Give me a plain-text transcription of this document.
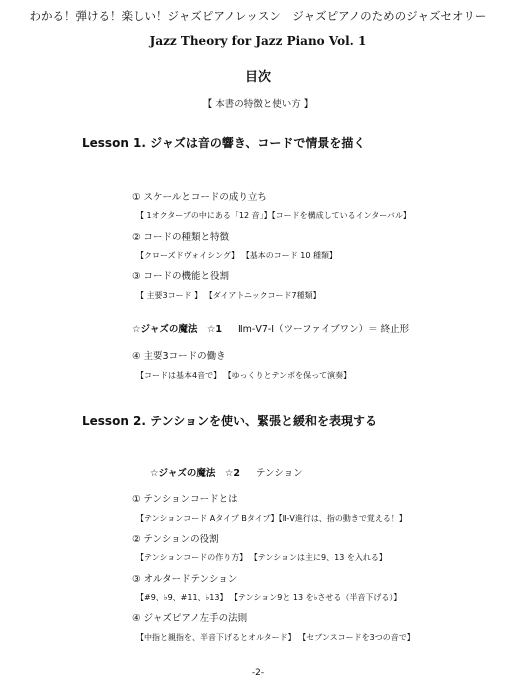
わかる！弾ける！楽しい！ジャズピアノレッスン　ジャズピアノのためのジャズセオリー
Jazz Theory for Jazz Piano Vol. 1
目次
【 本書の特徴と使い方 】
Lesson 1. ジャズは音の響き、コードで情景を描く
① スケールとコードの成り立ち
【 1オクターブの中にある「12 音」】【コードを構成しているインターバル】
② コードの種類と特徴
【クローズドヴォイシング】 【基本のコード 10 種類】
③ コードの機能と役割
【 主要3コード 】 【ダイアトニックコード7種類】
☆ジャズの魔法　☆1 Ⅱm-Ⅴ7-Ⅰ（ツーファイブワン）＝ 終止形
④ 主要3コードの働き
【コードは基本4音で】 【ゆっくりとテンポを保って演奏】
Lesson 2. テンションを使い、緊張と緩和を表現する
☆ジャズの魔法　☆2 テンション
① テンションコードとは
【テンションコード Aタイプ Bタイプ】【Ⅱ-Ⅴ進行は、指の動きで覚える！】
② テンションの役割
【テンションコードの作り方】 【テンションは主に9、13 を入れる】
③ オルタードテンション
【#9、♭9、#11、♭13】 【テンション9と 13 を♭させる（半音下げる）】
④ ジャズピアノ左手の法則
【中指と親指を、半音下げるとオルタード】 【セブンスコードを3つの音で】
-2-
